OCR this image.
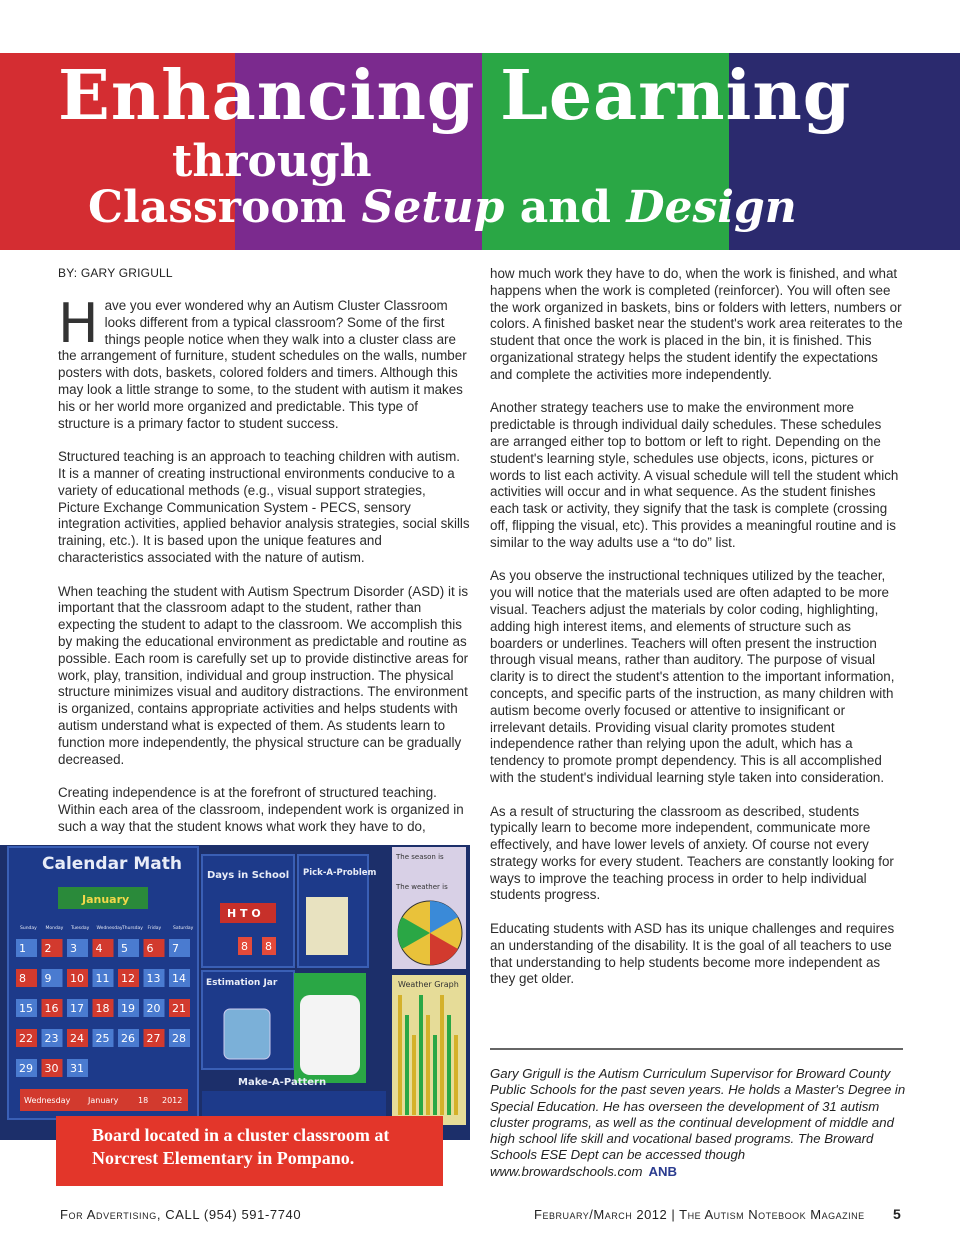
Enhancing Learning
through
Classroom Setup and Design
BY: GARY GRIGULL

Have you ever wondered why an Autism Cluster Classroom looks different from a typical classroom? Some of the first things people notice when they walk into a cluster class are the arrangement of furniture, student schedules on the walls, number posters with dots, baskets, colored folders and timers. Although this may look a little strange to some, to the student with autism it makes his or her world more organized and predictable. This type of structure is a primary factor to student success.

Structured teaching is an approach to teaching children with autism. It is a manner of creating instructional environments conducive to a variety of educational methods (e.g., visual support strategies, Picture Exchange Communication System - PECS, sensory integration activities, applied behavior analysis strategies, social skills training, etc.). It is based upon the unique features and characteristics associated with the nature of autism.

When teaching the student with Autism Spectrum Disorder (ASD) it is important that the classroom adapt to the student, rather than expecting the student to adapt to the classroom. We accomplish this by making the educational environment as predictable and routine as possible. Each room is carefully set up to provide distinctive areas for work, play, transition, individual and group instruction. The physical structure minimizes visual and auditory distractions. The environment is organized, contains appropriate activities and helps students with autism understand what is expected of them. As students learn to function more independently, the physical structure can be gradually decreased.

Creating independence is at the forefront of structured teaching. Within each area of the classroom, independent work is organized in such a way that the student knows what work they have to do,

how much work they have to do, when the work is finished, and what happens when the work is completed (reinforcer). You will often see the work organized in baskets, bins or folders with letters, numbers or colors. A finished basket near the student's work area reiterates to the student that once the work is placed in the bin, it is finished. This organizational strategy helps the student identify the expectations and complete the activities more independently.

Another strategy teachers use to make the environment more predictable is through individual daily schedules. These schedules are arranged either top to bottom or left to right. Depending on the student's learning style, schedules use objects, icons, pictures or words to list each activity. A visual schedule will tell the student which activities will occur and in what sequence. As the student finishes each task or activity, they signify that the task is complete (crossing off, flipping the visual, etc). This provides a meaningful routine and is similar to the way adults use a “to do” list.

As you observe the instructional techniques utilized by the teacher, you will notice that the materials used are often adapted to be more visual. Teachers adjust the materials by color coding, highlighting, adding high interest items, and elements of structure such as boarders or underlines. Teachers will often present the instruction through visual means, rather than auditory. The purpose of visual clarity is to direct the student's attention to the important information, concepts, and specific parts of the instruction, as many children with autism become overly focused or attentive to insignificant or irrelevant details. Providing visual clarity promotes student independence rather than relying upon the adult, which has a tendency to promote prompt dependency. This is all accomplished with the student's individual learning style taken into consideration.

As a result of structuring the classroom as described, students typically learn to become more independent, communicate more effectively, and have lower levels of anxiety. Of course not every strategy works for every student. Teachers are constantly looking for ways to improve the teaching process in order to help individual students progress.

Educating students with ASD has its unique challenges and requires an understanding of the disability. It is the goal of all teachers to use that understanding to help students become more independent as they get older.

Calendar Math
January
Sunday Monday Tuesday Wednesday Thursday Friday	Saturday
1 2 3 4 5 6 7
8 9 10 11 12 13 14
15 16 17 18 19 20 21
22 23 24 25 26 27 28
29 30 31
Wednesday January 18 2012
Days in School
H T O
8 8
Pick-A-Problem
The season is
The weather is
Estimation Jar	Weather Graph
Make-A-Pattern
Board located in a cluster classroom at Norcrest Elementary in Pompano.
Gary Grigull is the Autism Curriculum Supervisor for Broward County Public Schools for the past seven years. He holds a Master's Degree in Special Education. He has overseen the development of 31 autism cluster programs, as well as the continual development of middle and high school life skill and vocational based programs. The Broward Schools ESE Dept can be accessed though www.browardschools.com ANB
For Advertising, CALL (954) 591-7740	February/March 2012 | The Autism Notebook Magazine 5
